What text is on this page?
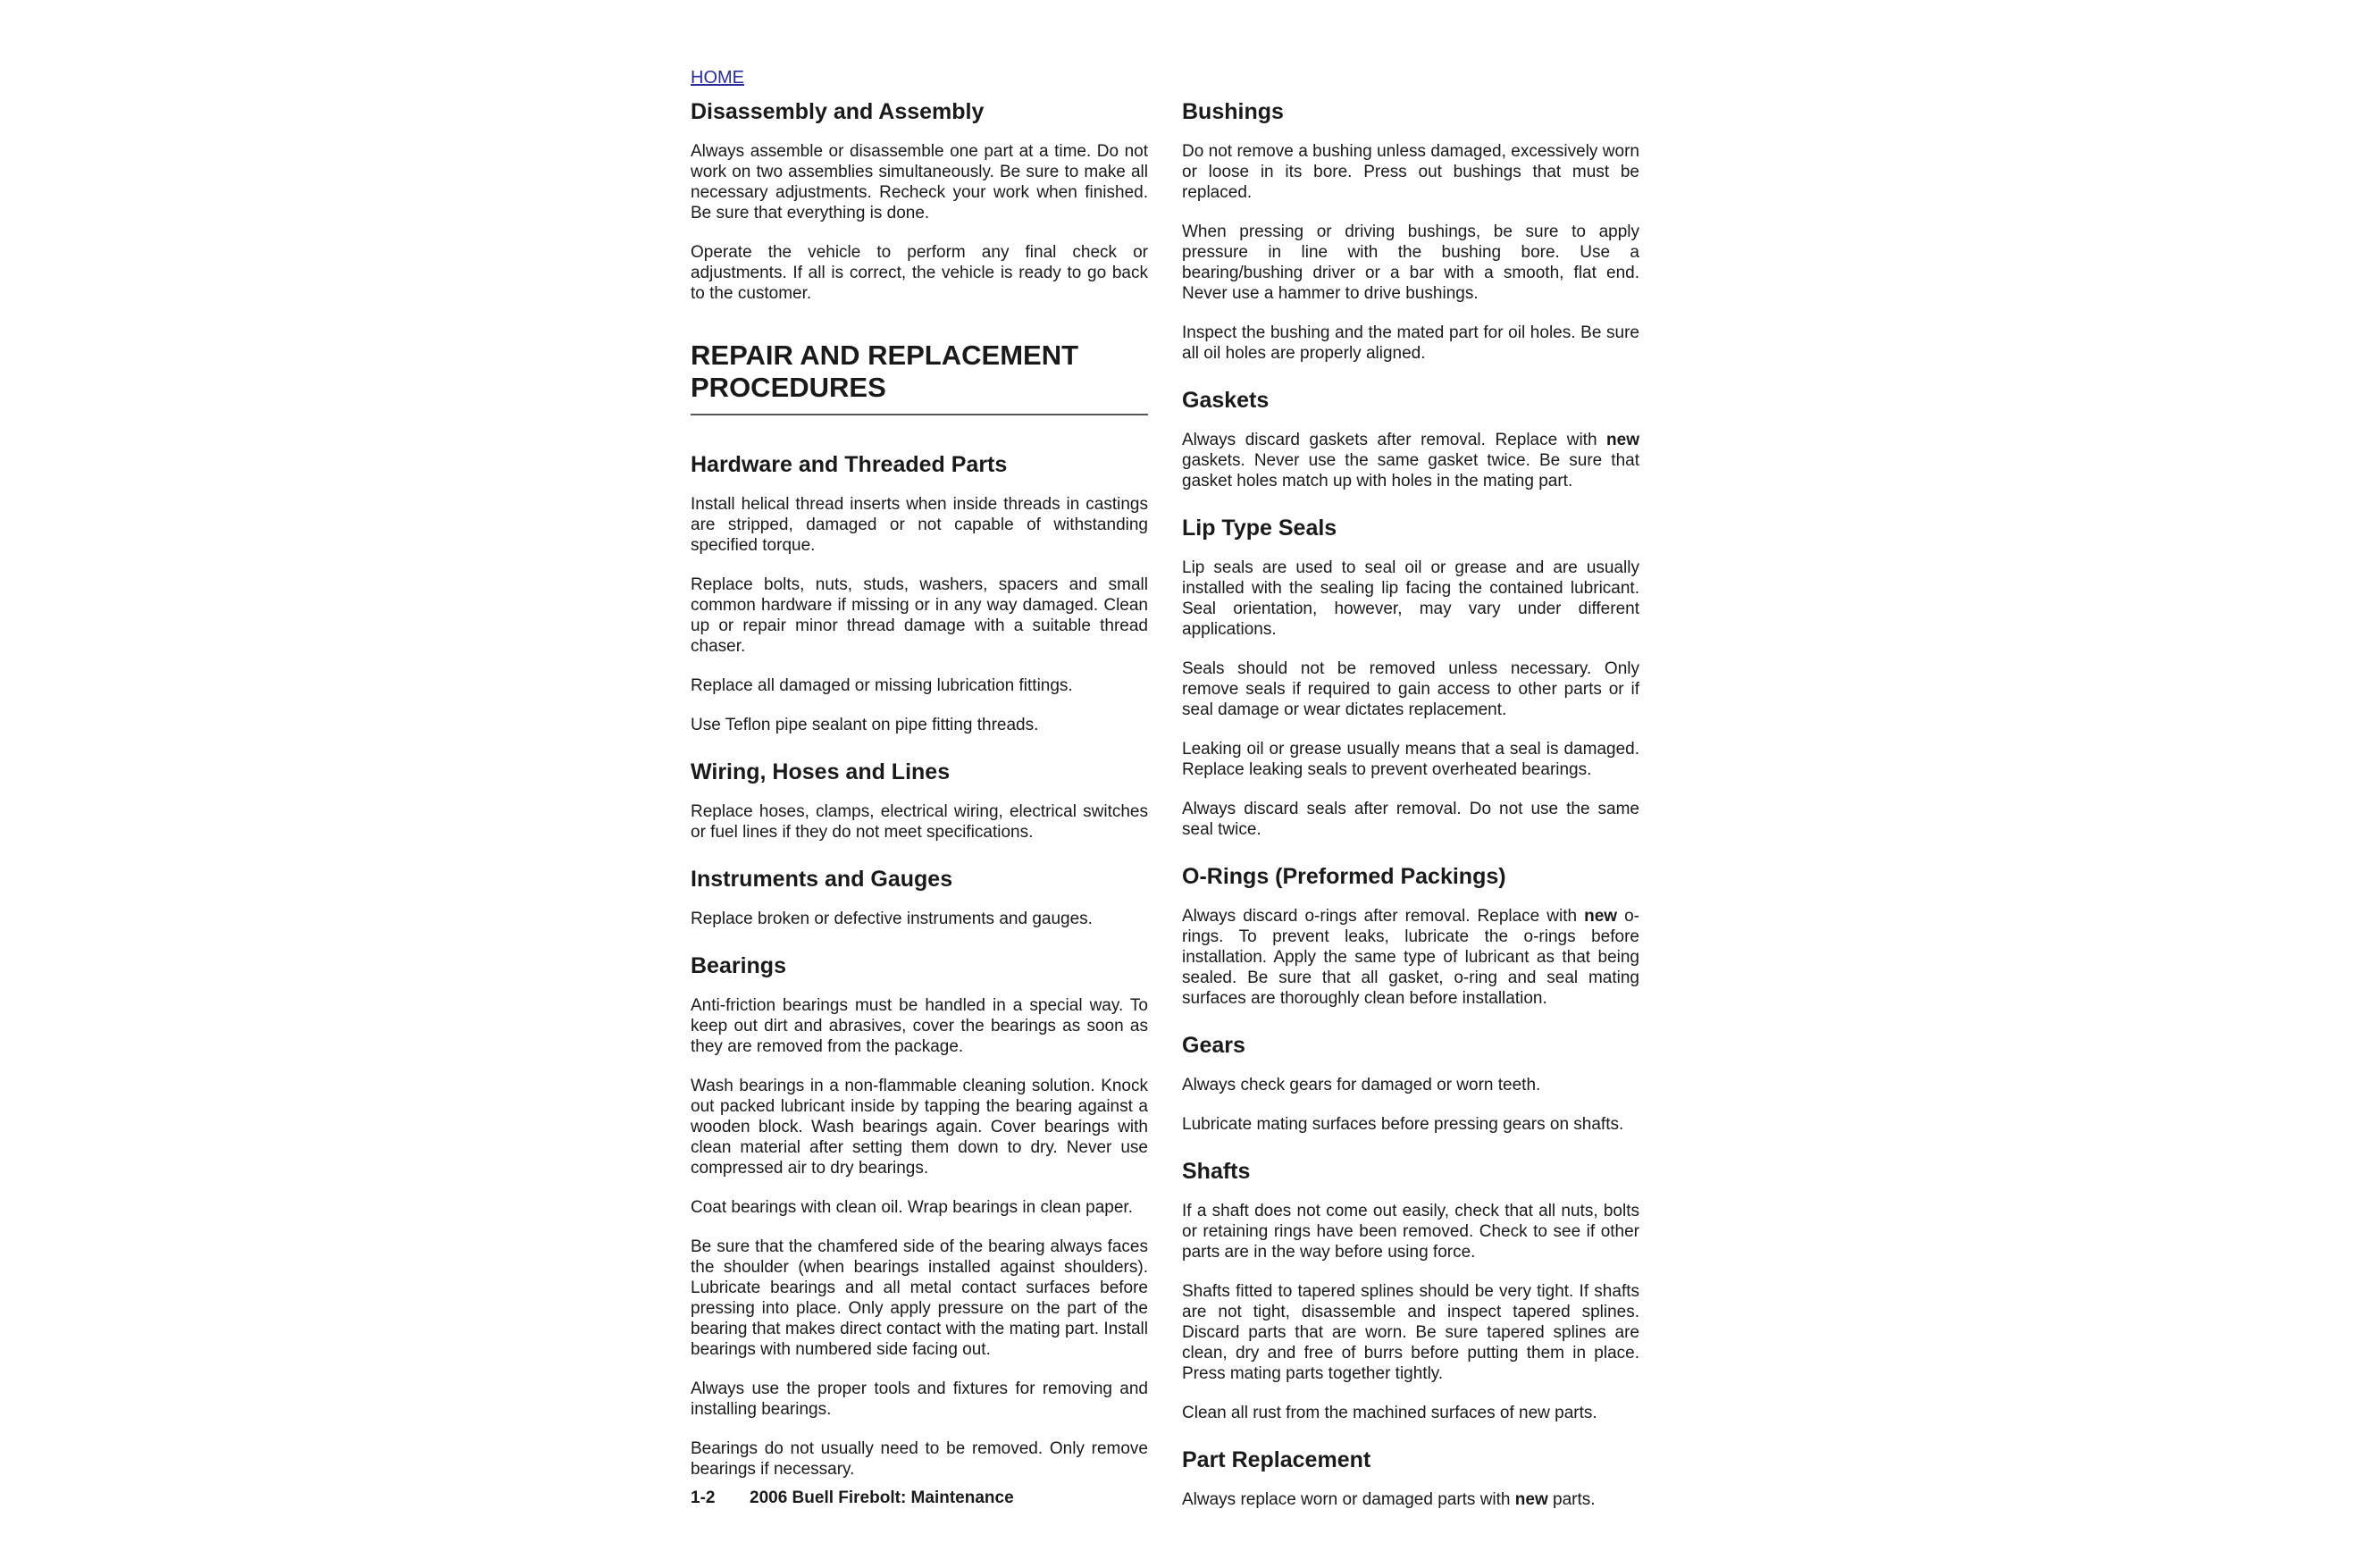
HOME
Disassembly and Assembly

Always assemble or disassemble one part at a time. Do not work on two assemblies simultaneously. Be sure to make all necessary adjustments. Recheck your work when finished. Be sure that everything is done.

Operate the vehicle to perform any final check or adjustments. If all is correct, the vehicle is ready to go back to the customer.

REPAIR AND REPLACEMENT PROCEDURES
Hardware and Threaded Parts

Install helical thread inserts when inside threads in castings are stripped, damaged or not capable of withstanding specified torque.

Replace bolts, nuts, studs, washers, spacers and small common hardware if missing or in any way damaged. Clean up or repair minor thread damage with a suitable thread chaser.

Replace all damaged or missing lubrication fittings.

Use Teflon pipe sealant on pipe fitting threads.

Wiring, Hoses and Lines

Replace hoses, clamps, electrical wiring, electrical switches or fuel lines if they do not meet specifications.

Instruments and Gauges

Replace broken or defective instruments and gauges.

Bearings

Anti-friction bearings must be handled in a special way. To keep out dirt and abrasives, cover the bearings as soon as they are removed from the package.

Wash bearings in a non-flammable cleaning solution. Knock out packed lubricant inside by tapping the bearing against a wooden block. Wash bearings again. Cover bearings with clean material after setting them down to dry. Never use compressed air to dry bearings.

Coat bearings with clean oil. Wrap bearings in clean paper.

Be sure that the chamfered side of the bearing always faces the shoulder (when bearings installed against shoulders). Lubricate bearings and all metal contact surfaces before pressing into place. Only apply pressure on the part of the bearing that makes direct contact with the mating part. Install bearings with numbered side facing out.

Always use the proper tools and fixtures for removing and installing bearings.

Bearings do not usually need to be removed. Only remove bearings if necessary.

Bushings

Do not remove a bushing unless damaged, excessively worn or loose in its bore. Press out bushings that must be replaced.

When pressing or driving bushings, be sure to apply pressure in line with the bushing bore. Use a bearing/bushing driver or a bar with a smooth, flat end. Never use a hammer to drive bushings.

Inspect the bushing and the mated part for oil holes. Be sure all oil holes are properly aligned.

Gaskets

Always discard gaskets after removal. Replace with new gaskets. Never use the same gasket twice. Be sure that gasket holes match up with holes in the mating part.

Lip Type Seals

Lip seals are used to seal oil or grease and are usually installed with the sealing lip facing the contained lubricant. Seal orientation, however, may vary under different applications.

Seals should not be removed unless necessary. Only remove seals if required to gain access to other parts or if seal damage or wear dictates replacement.

Leaking oil or grease usually means that a seal is damaged. Replace leaking seals to prevent overheated bearings.

Always discard seals after removal. Do not use the same seal twice.

O-Rings (Preformed Packings)

Always discard o-rings after removal. Replace with new o-rings. To prevent leaks, lubricate the o-rings before installation. Apply the same type of lubricant as that being sealed. Be sure that all gasket, o-ring and seal mating surfaces are thoroughly clean before installation.

Gears

Always check gears for damaged or worn teeth.

Lubricate mating surfaces before pressing gears on shafts.

Shafts

If a shaft does not come out easily, check that all nuts, bolts or retaining rings have been removed. Check to see if other parts are in the way before using force.

Shafts fitted to tapered splines should be very tight. If shafts are not tight, disassemble and inspect tapered splines. Discard parts that are worn. Be sure tapered splines are clean, dry and free of burrs before putting them in place. Press mating parts together tightly.

Clean all rust from the machined surfaces of new parts.

Part Replacement

Always replace worn or damaged parts with new parts.

1-2 2006 Buell Firebolt: Maintenance
